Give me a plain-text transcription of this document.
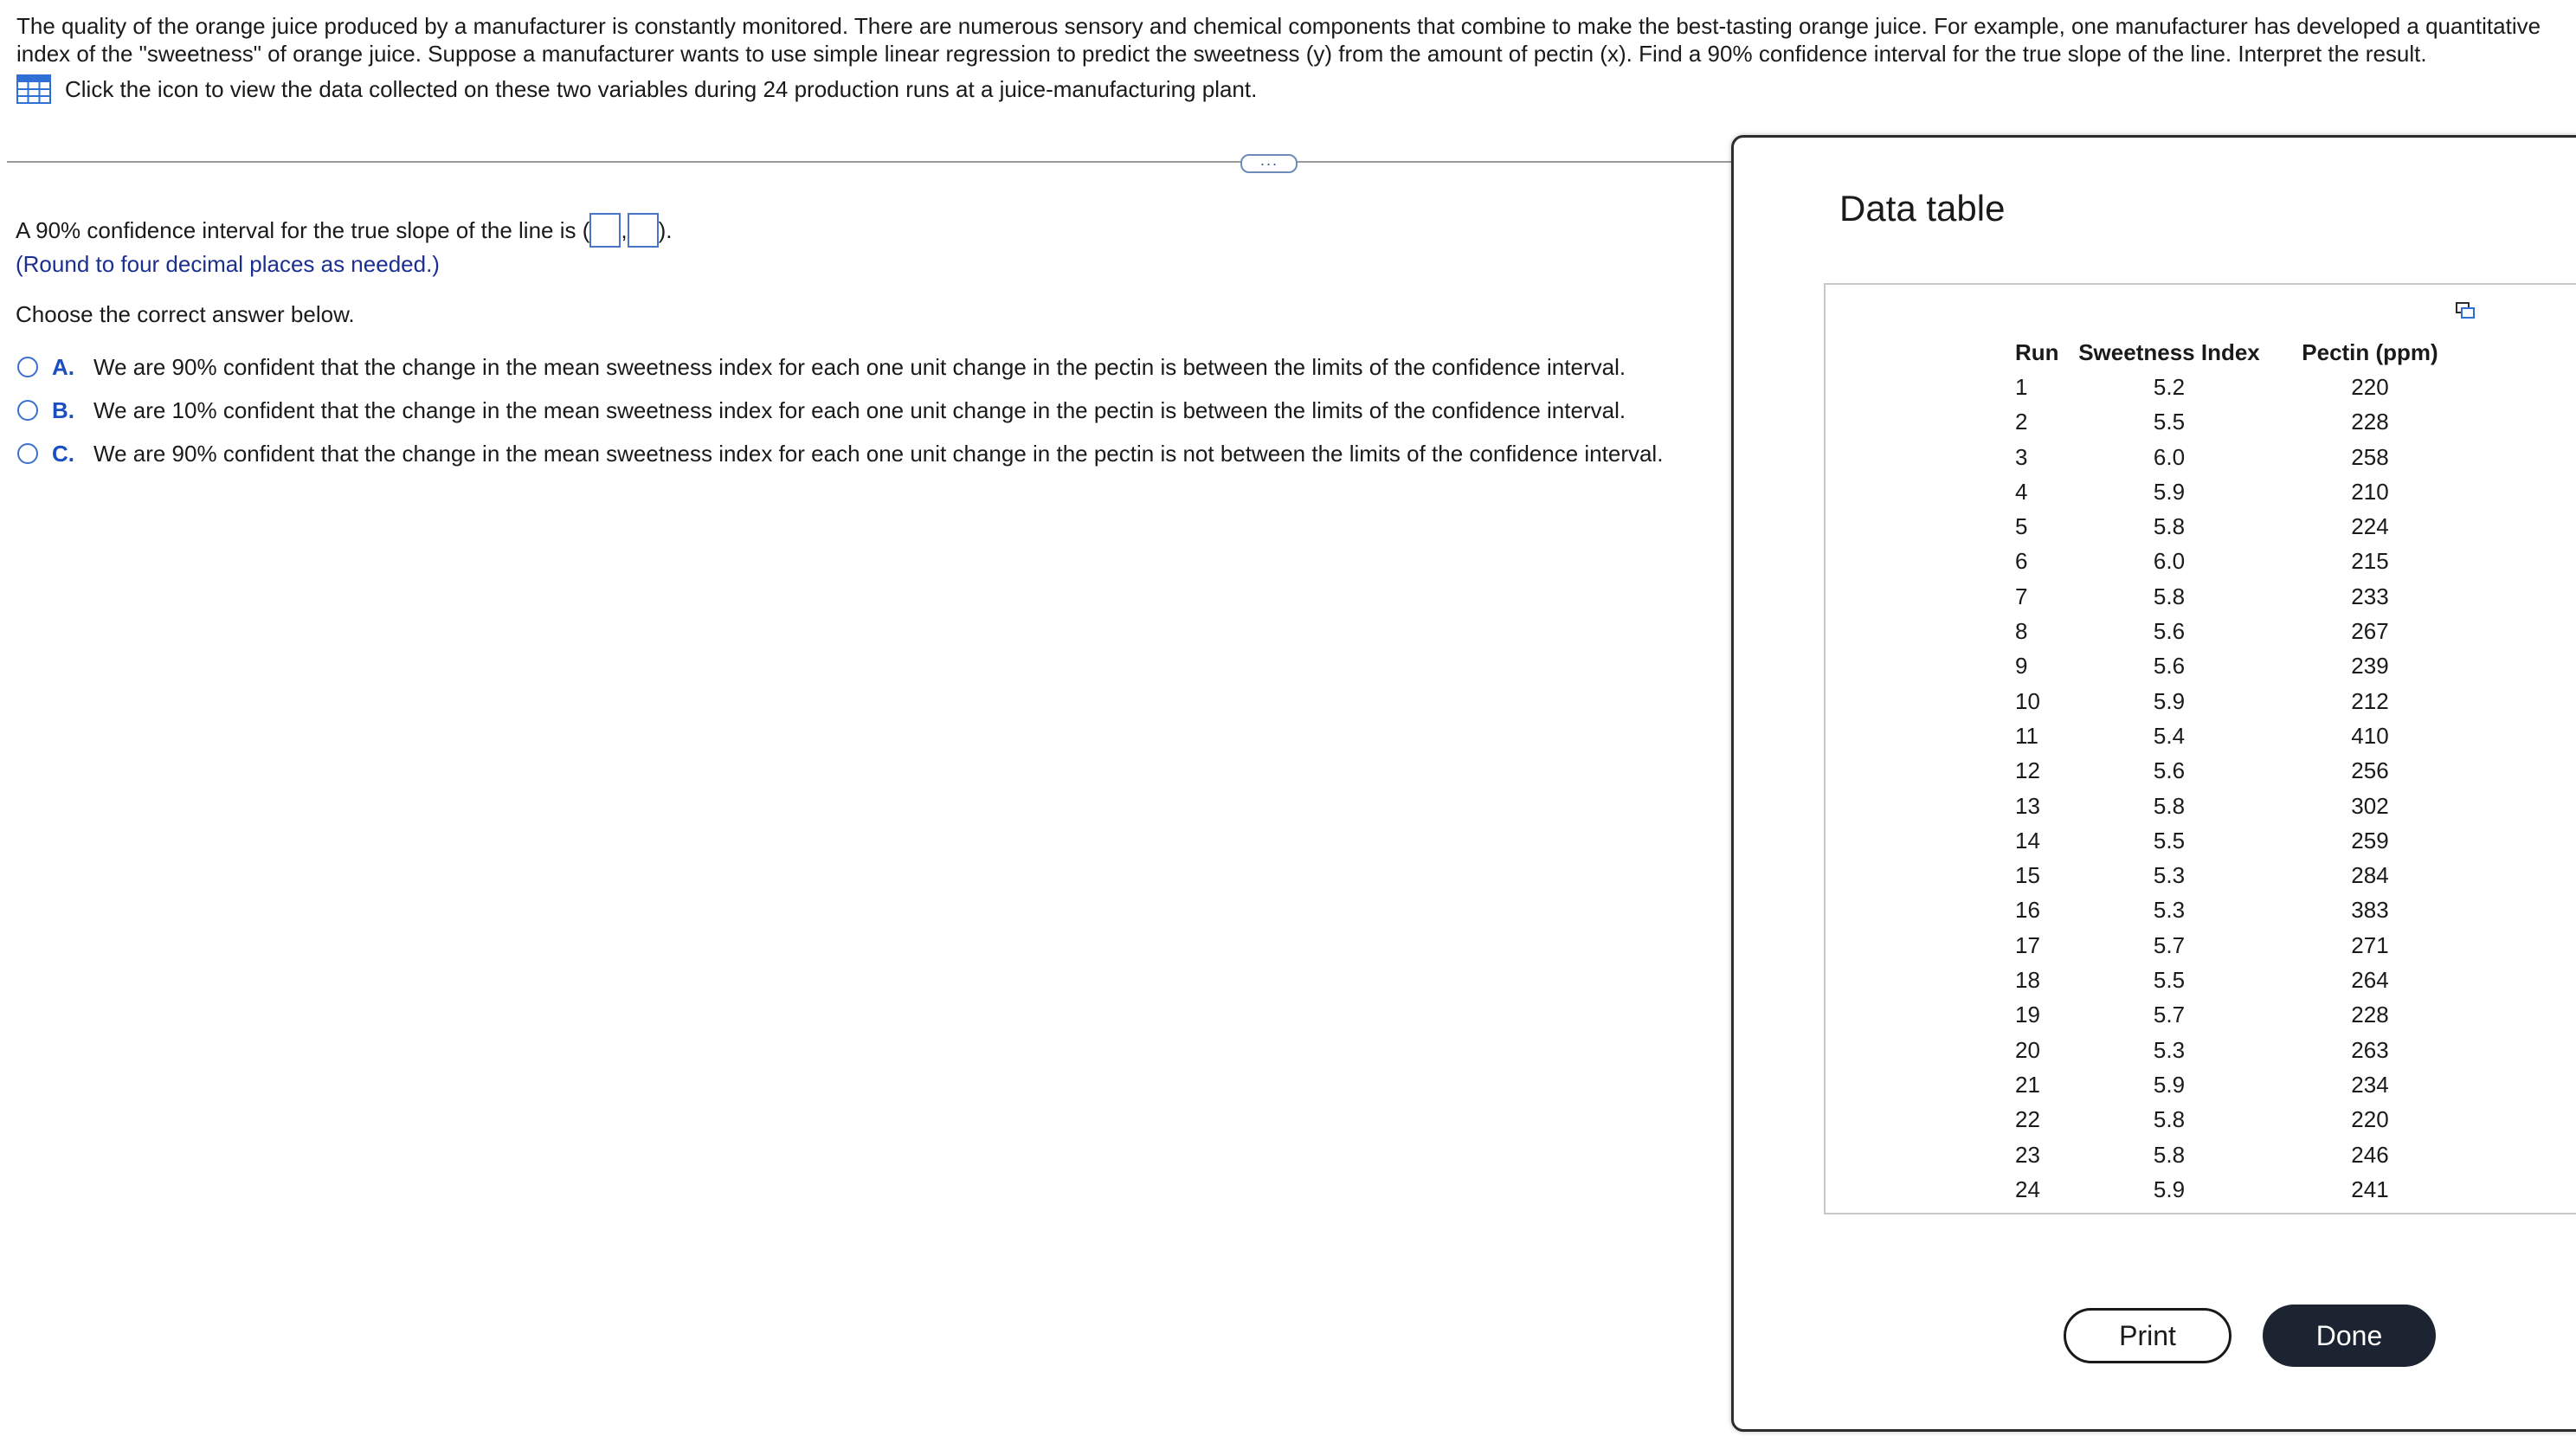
The quality of the orange juice produced by a manufacturer is constantly monitored. There are numerous sensory and chemical components that combine to make the best-tasting orange juice. For example, one manufacturer has developed a quantitative index of the "sweetness" of orange juice. Suppose a manufacturer wants to use simple linear regression to predict the sweetness (y) from the amount of pectin (x). Find a 90% confidence interval for the true slope of the line. Interpret the result.
Click the icon to view the data collected on these two variables during 24 production runs at a juice-manufacturing plant.
···
A 90% confidence interval for the true slope of the line is ( , ).
(Round to four decimal places as needed.)
Choose the correct answer below.
A. We are 90% confident that the change in the mean sweetness index for each one unit change in the pectin is between the limits of the confidence interval.
B. We are 10% confident that the change in the mean sweetness index for each one unit change in the pectin is between the limits of the confidence interval.
C. We are 90% confident that the change in the mean sweetness index for each one unit change in the pectin is not between the limits of the confidence interval.
Data table
Run
1
2
3
4
5
6
7
8
9
10
11
12
13
14
15
16
17
18
19
20
21
22
23
24
Sweetness Index
5.2
5.5
6.0
5.9
5.8
6.0
5.8
5.6
5.6
5.9
5.4
5.6
5.8
5.5
5.3
5.3
5.7
5.5
5.7
5.3
5.9
5.8
5.8
5.9
Pectin (ppm)
220
228
258
210
224
215
233
267
239
212
410
256
302
259
284
383
271
264
228
263
234
220
246
241
Print	Done
